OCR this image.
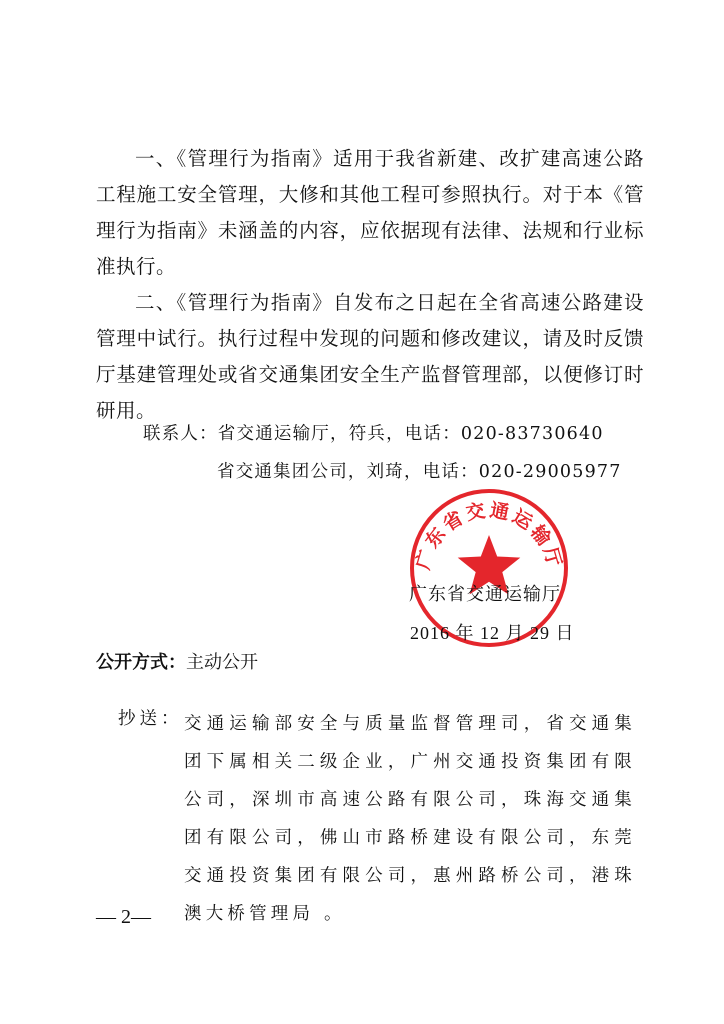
一、《管理行为指南》适用于我省新建、改扩建高速公路工程施工安全管理，大修和其他工程可参照执行。对于本《管理行为指南》未涵盖的内容，应依据现有法律、法规和行业标准执行。

二、《管理行为指南》自发布之日起在全省高速公路建设管理中试行。执行过程中发现的问题和修改建议，请及时反馈厅基建管理处或省交通集团安全生产监督管理部，以便修订时研用。

联系人：省交通运输厅，符兵，电话：020-83730640
省交通集团公司，刘琦，电话：020-29005977
广东省交通运输厅
广东省交通运输厅
2016 年 12 月 29 日
公开方式：主动公开
抄送： 交通运输部安全与质量监督管理司，省交通集团下属相关二级企业，广州交通投资集团有限公司，深圳市高速公路有限公司，珠海交通集团有限公司，佛山市路桥建设有限公司，东莞交通投资集团有限公司，惠州路桥公司，港珠澳大桥管理局 。
— 2—
